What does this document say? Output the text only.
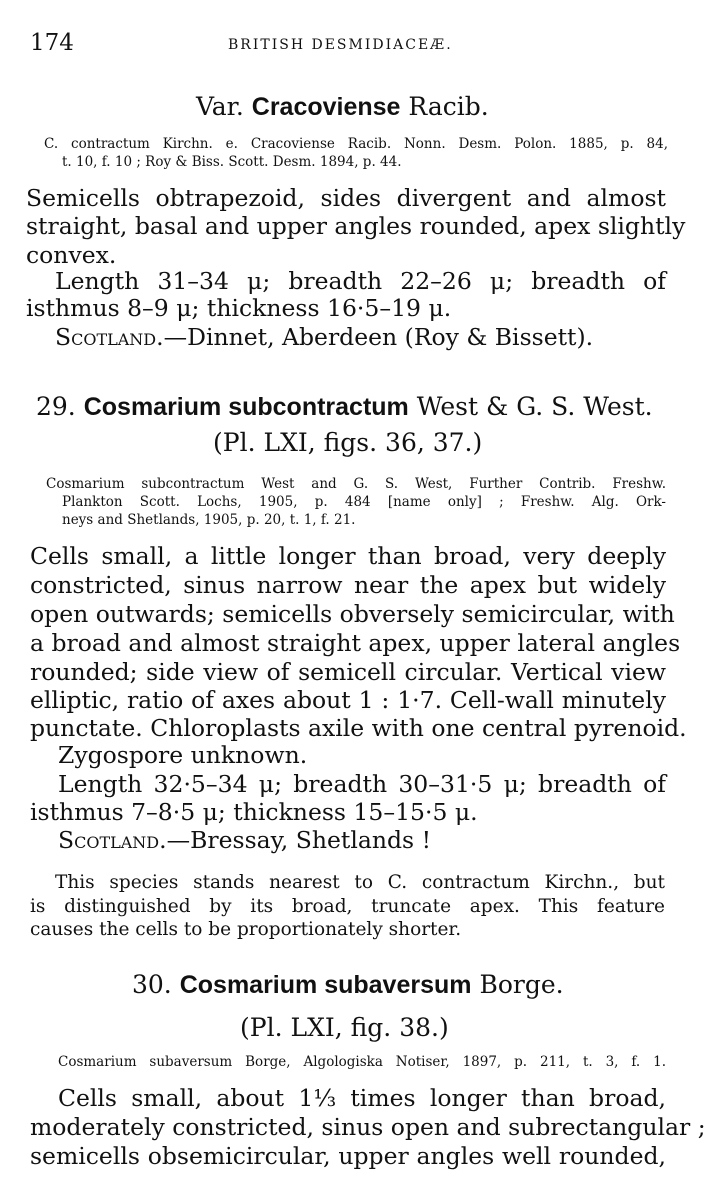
174	BRITISH DESMIDIACEÆ.
Var. Cracoviense Racib.
C. contractum Kirchn. e. Cracoviense Racib. Nonn. Desm. Polon. 1885, p. 84,
t. 10, f. 10 ; Roy & Biss. Scott. Desm. 1894, p. 44.
Semicells obtrapezoid, sides divergent and almost
straight, basal and upper angles rounded, apex slightly
convex.
Length 31–34 μ; breadth 22–26 μ; breadth of
isthmus 8–9 μ; thickness 16·5–19 μ.
Scotland.—Dinnet, Aberdeen (Roy & Bissett).
29. Cosmarium subcontractum West & G. S. West.
(Pl. LXI, figs. 36, 37.)
Cosmarium subcontractum West and G. S. West, Further Contrib. Freshw.
Plankton Scott. Lochs, 1905, p. 484 [name only] ; Freshw. Alg. Ork-
neys and Shetlands, 1905, p. 20, t. 1, f. 21.
Cells small, a little longer than broad, very deeply
constricted, sinus narrow near the apex but widely
open outwards; semicells obversely semicircular, with
a broad and almost straight apex, upper lateral angles
rounded; side view of semicell circular. Vertical view
elliptic, ratio of axes about 1 : 1·7. Cell-wall minutely
punctate. Chloroplasts axile with one central pyrenoid.
Zygospore unknown.
Length 32·5–34 μ; breadth 30–31·5 μ; breadth of
isthmus 7–8·5 μ; thickness 15–15·5 μ.
Scotland.—Bressay, Shetlands !
This species stands nearest to C. contractum Kirchn., but
is distinguished by its broad, truncate apex. This feature
causes the cells to be proportionately shorter.
30. Cosmarium subaversum Borge.
(Pl. LXI, fig. 38.)
Cosmarium subaversum Borge, Algologiska Notiser, 1897, p. 211, t. 3, f. 1.
Cells small, about 1⅓ times longer than broad,
moderately constricted, sinus open and subrectangular ;
semicells obsemicircular, upper angles well rounded,
